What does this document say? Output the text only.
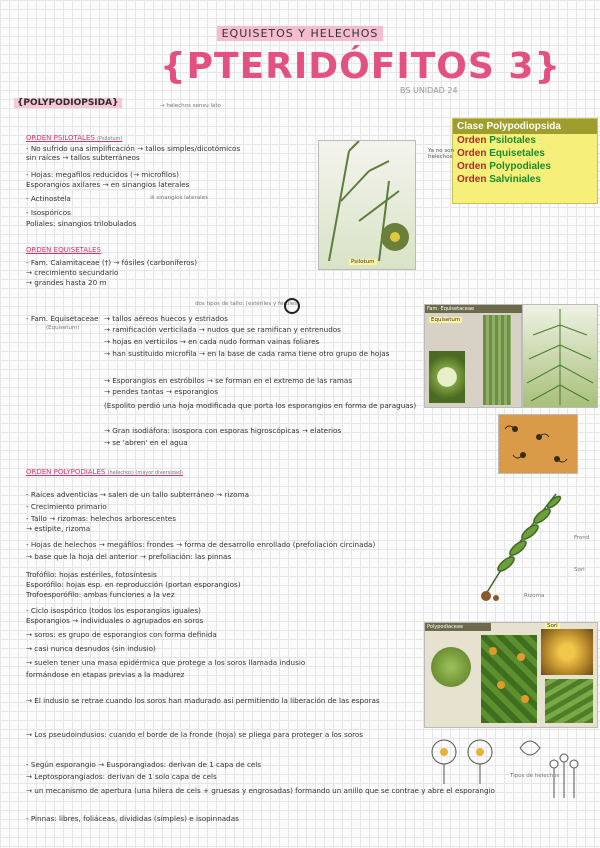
EQUISETOS Y HELECHOS
{PTERIDÓFITOS 3}
BS UNIDAD 24
{POLYPODIOPSIDA}	→ helechos sensu lato
Clase Polypodiopsida
Orden Psilotales
Orden Equisetales
Orden Polypodiales
Orden Salviniales
Ya no son helechos
ORDEN PSILOTALES (Psilotum)
- No sufrido una simplificación → tallos simples/dicotómicos
sin raíces → tallos subterráneos
- Hojas: megafilos reducidos (→ microfilos)
Esporangios axilares → en sinangios laterales
- Actinostela	⊛ sinangios laterales
- Isospóricos
Poliales: sinangios trilobulados
Psilotum
ORDEN EQUISETALES
- Fam. Calamitaceae (†) → fósiles (carboníferos)
→ crecimiento secundario
→ grandes hasta 20 m
dos tipos de tallo: (estériles y fértiles)
- Fam. Equisetaceae
(Equisetum)
→ tallos aéreos huecos y estriados
→ ramificación verticilada → nudos que se ramifican y entrenudos
→ hojas en verticilos → en cada nudo forman vainas foliares
→ han sustituido microfila → en la base de cada rama tiene otro grupo de hojas
→ Esporangios en estróbilos → se forman en el extremo de las ramas
→ pendes tantas → esporangios
(Espolito perdió una hoja modificada que porta los esporangios en forma de paraguas)
→ Gran isodiáfora: isospora con esporas higroscópicas → elaterios
→ se 'abren' en el agua
Fam. Equisetaceae
Equisetum
ORDEN POLYPODIALES (helechos) (mayor diversidad)
- Raíces adventicias → salen de un tallo subterráneo → rizoma
- Crecimiento primario
- Tallo → rizomas: helechos arborescentes
→ estípite, rizoma
- Hojas de helechos → megáfilos: frondes → forma de desarrollo enrollado (prefoliación circinada)
→ base que la hoja del anterior → prefoliación: las pinnas
Trofófilo: hojas estériles, fotosíntesis
Esporófilo: hojas esp. en reproducción (portan esporangios)
Trofoesporófilo: ambas funciones a la vez
- Ciclo isospórico (todos los esporangios iguales)
Esporangios → individuales o agrupados en soros
→ soros: es grupo de esporangios con forma definida
→ casi nunca desnudos (sin indusio)
→ suelen tener una masa epidérmica que protege a los soros llamada indusio
formándose en etapas previas a la madurez
→ El indusio se retrae cuando los soros han madurado así permitiendo la liberación de las esporas
→ Los pseudoindusios: cuando el borde de la fronde (hoja) se pliega para proteger a los soros
- Según esporangio → Eusporangiados: derivan de 1 capa de cels
→ Leptosporangiados: derivan de 1 solo capa de cels
→ un mecanismo de apertura (una hilera de cels + gruesas y engrosadas) formando un anillo que se contrae y abre el esporangio
- Pinnas: libres, foliáceas, divididas (simples) e isopinnadas
Frond
Sori
Rizoma
Polypodiaceae	Sori
Tipos de helechos
